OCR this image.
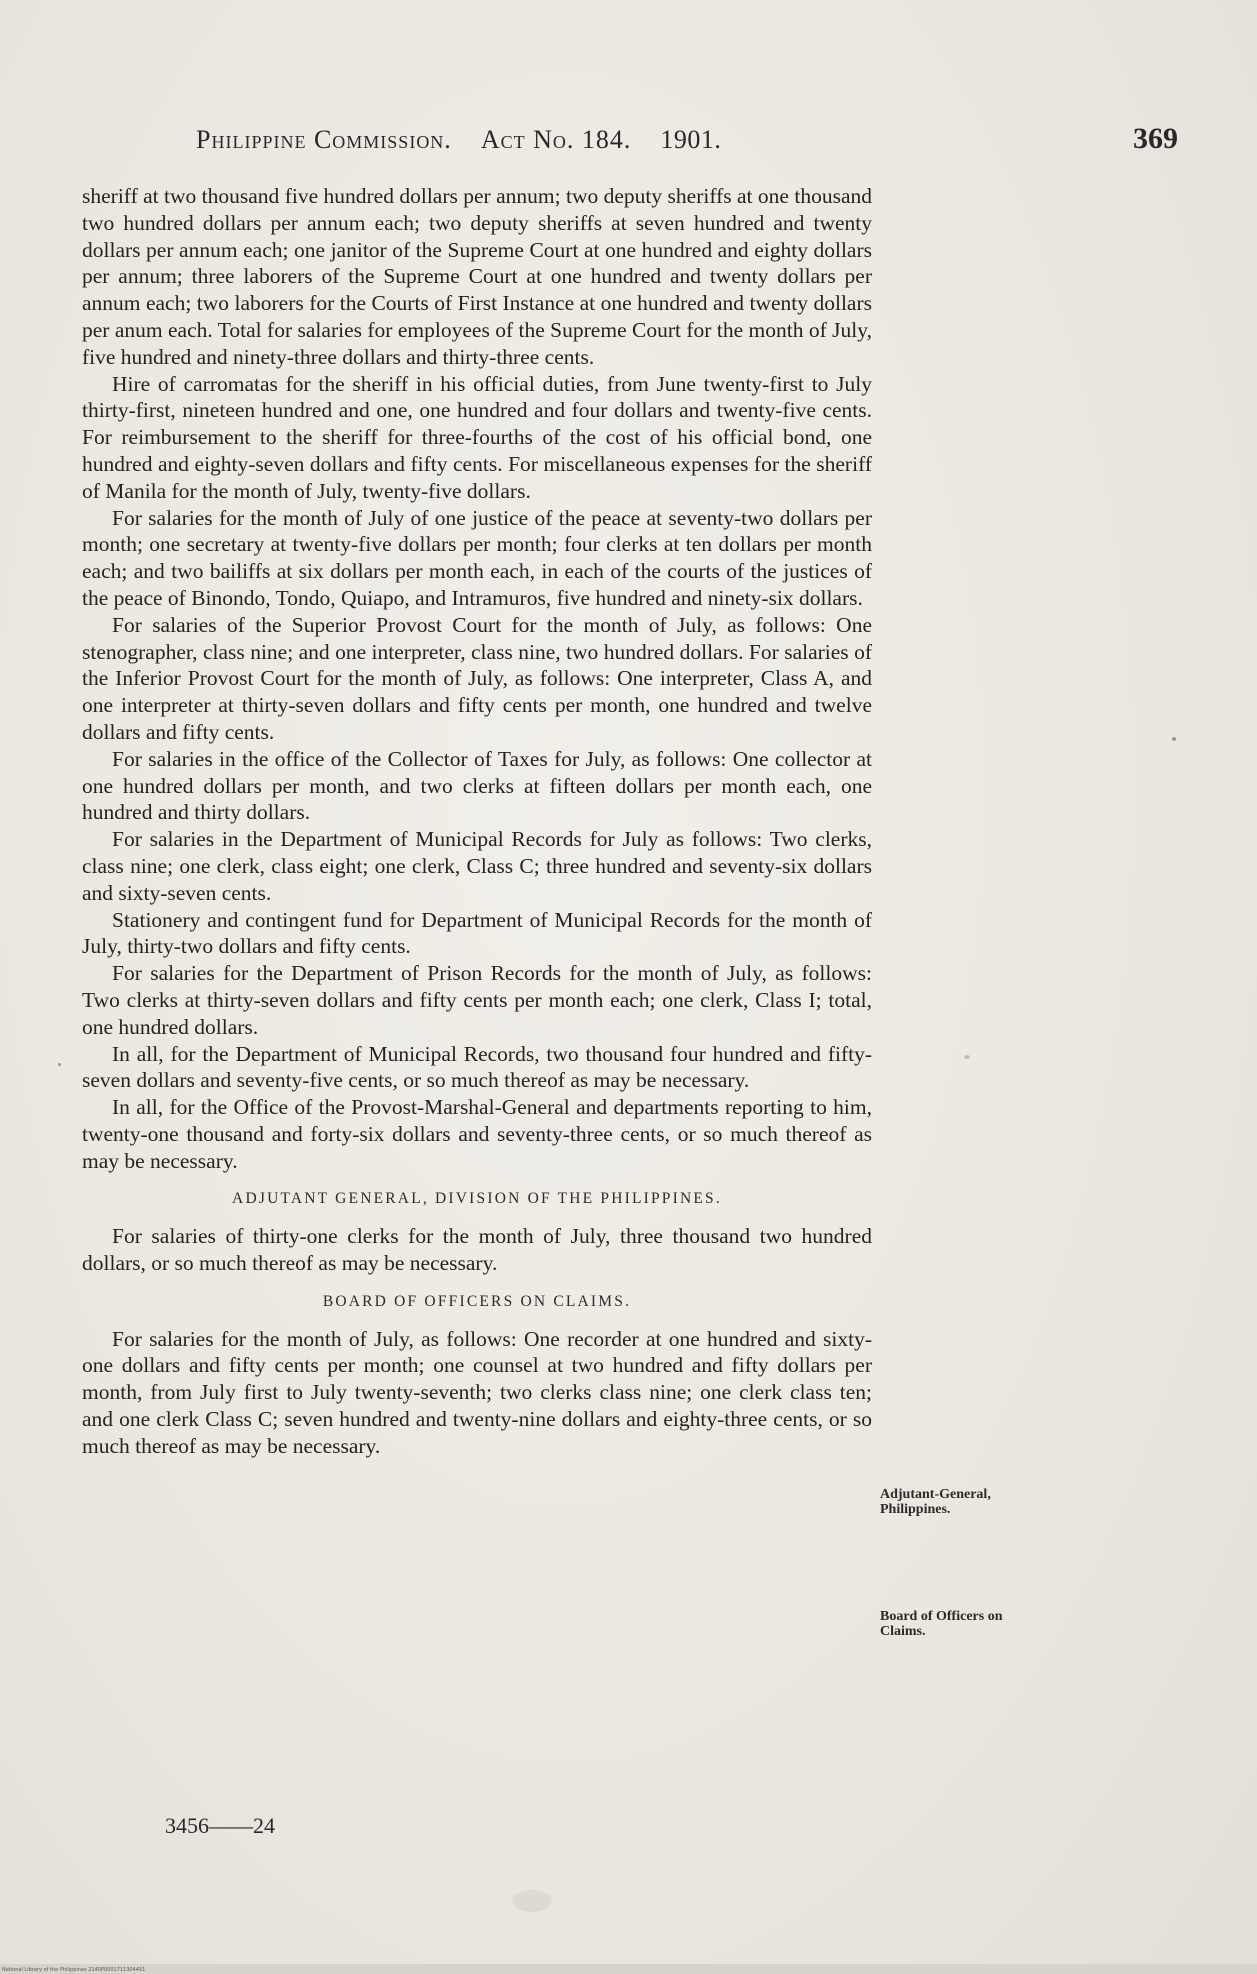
Philippine Commission. Act No. 184. 1901.	369

sheriff at two thousand five hundred dollars per annum; two deputy sheriffs at one thousand two hundred dollars per annum each; two deputy sheriffs at seven hundred and twenty dollars per annum each; one janitor of the Supreme Court at one hundred and eighty dollars per annum; three laborers of the Supreme Court at one hundred and twenty dollars per annum each; two laborers for the Courts of First Instance at one hundred and twenty dollars per anum each. Total for salaries for employees of the Supreme Court for the month of July, five hundred and ninety-three dollars and thirty-three cents.

Hire of carromatas for the sheriff in his official duties, from June twenty-first to July thirty-first, nineteen hundred and one, one hundred and four dollars and twenty-five cents. For reimbursement to the sheriff for three-fourths of the cost of his official bond, one hundred and eighty-seven dollars and fifty cents. For miscellaneous expenses for the sheriff of Manila for the month of July, twenty-five dollars.

For salaries for the month of July of one justice of the peace at seventy-two dollars per month; one secretary at twenty-five dollars per month; four clerks at ten dollars per month each; and two bailiffs at six dollars per month each, in each of the courts of the justices of the peace of Binondo, Tondo, Quiapo, and Intramuros, five hundred and ninety-six dollars.

For salaries of the Superior Provost Court for the month of July, as follows: One stenographer, class nine; and one interpreter, class nine, two hundred dollars. For salaries of the Inferior Provost Court for the month of July, as follows: One interpreter, Class A, and one interpreter at thirty-seven dollars and fifty cents per month, one hundred and twelve dollars and fifty cents.

For salaries in the office of the Collector of Taxes for July, as follows: One collector at one hundred dollars per month, and two clerks at fifteen dollars per month each, one hundred and thirty dollars.

For salaries in the Department of Municipal Records for July as follows: Two clerks, class nine; one clerk, class eight; one clerk, Class C; three hundred and seventy-six dollars and sixty-seven cents.

Stationery and contingent fund for Department of Municipal Records for the month of July, thirty-two dollars and fifty cents.

For salaries for the Department of Prison Records for the month of July, as follows: Two clerks at thirty-seven dollars and fifty cents per month each; one clerk, Class I; total, one hundred dollars.

In all, for the Department of Municipal Records, two thousand four hundred and fifty-seven dollars and seventy-five cents, or so much thereof as may be necessary.

In all, for the Office of the Provost-Marshal-General and departments reporting to him, twenty-one thousand and forty-six dollars and seventy-three cents, or so much thereof as may be necessary.

ADJUTANT GENERAL, DIVISION OF THE PHILIPPINES.

For salaries of thirty-one clerks for the month of July, three thousand two hundred dollars, or so much thereof as may be necessary.

BOARD OF OFFICERS ON CLAIMS.

For salaries for the month of July, as follows: One recorder at one hundred and sixty-one dollars and fifty cents per month; one counsel at two hundred and fifty dollars per month, from July first to July twenty-seventh; two clerks class nine; one clerk class ten; and one clerk Class C; seven hundred and twenty-nine dollars and eighty-three cents, or so much thereof as may be necessary.

Adjutant-General,
Philippines.
Board of Officers on
Claims.
3456——24
National Library of the Philippines 2140P0001711304451
